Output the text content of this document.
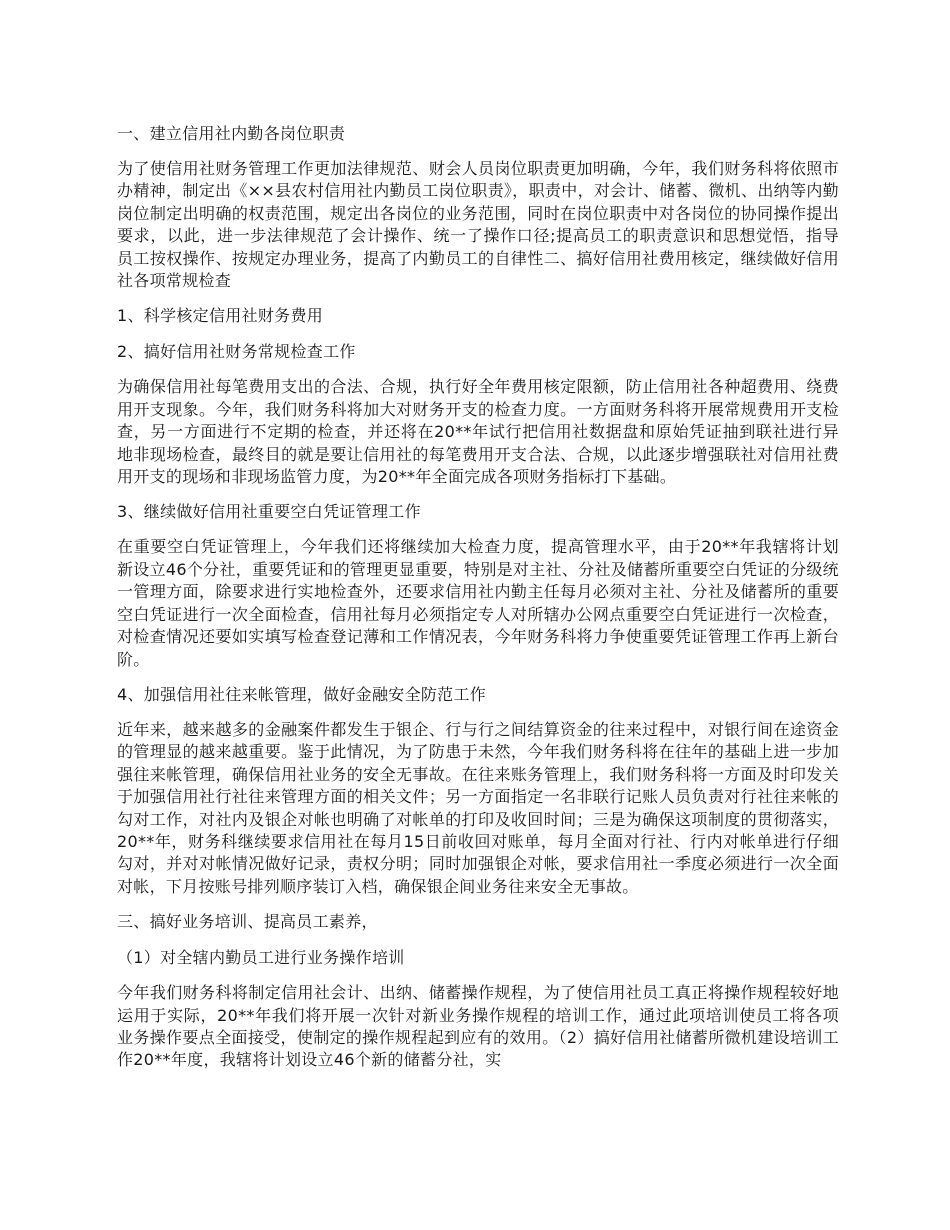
一、建立信用社内勤各岗位职责
为了使信用社财务管理工作更加法律规范、财会人员岗位职责更加明确，今年，我们财务科将依照市办精神，制定出《××县农村信用社内勤员工岗位职责》，职责中，对会计、储蓄、微机、出纳等内勤岗位制定出明确的权责范围，规定出各岗位的业务范围，同时在岗位职责中对各岗位的协同操作提出要求，以此，进一步法律规范了会计操作、统一了操作口径;提高员工的职责意识和思想觉悟，指导员工按权操作、按规定办理业务，提高了内勤员工的自律性二、搞好信用社费用核定，继续做好信用社各项常规检查
1、科学核定信用社财务费用
2、搞好信用社财务常规检查工作
为确保信用社每笔费用支出的合法、合规，执行好全年费用核定限额，防止信用社各种超费用、绕费用开支现象。今年，我们财务科将加大对财务开支的检查力度。一方面财务科将开展常规费用开支检查，另一方面进行不定期的检查，并还将在20**年试行把信用社数据盘和原始凭证抽到联社进行异地非现场检查，最终目的就是要让信用社的每笔费用开支合法、合规，以此逐步增强联社对信用社费用开支的现场和非现场监管力度，为20**年全面完成各项财务指标打下基础。
3、继续做好信用社重要空白凭证管理工作
在重要空白凭证管理上，今年我们还将继续加大检查力度，提高管理水平，由于20**年我辖将计划新设立46个分社，重要凭证和的管理更显重要，特别是对主社、分社及储蓄所重要空白凭证的分级统一管理方面，除要求进行实地检查外，还要求信用社内勤主任每月必须对主社、分社及储蓄所的重要空白凭证进行一次全面检查，信用社每月必须指定专人对所辖办公网点重要空白凭证进行一次检查，对检查情况还要如实填写检查登记薄和工作情况表，今年财务科将力争使重要凭证管理工作再上新台阶。
4、加强信用社往来帐管理，做好金融安全防范工作
近年来，越来越多的金融案件都发生于银企、行与行之间结算资金的往来过程中，对银行间在途资金的管理显的越来越重要。鉴于此情况，为了防患于未然，今年我们财务科将在往年的基础上进一步加强往来帐管理，确保信用社业务的安全无事故。在往来账务管理上，我们财务科将一方面及时印发关于加强信用社行社往来管理方面的相关文件；另一方面指定一名非联行记账人员负责对行社往来帐的勾对工作，对社内及银企对帐也明确了对帐单的打印及收回时间；三是为确保这项制度的贯彻落实，20**年，财务科继续要求信用社在每月15日前收回对账单，每月全面对行社、行内对帐单进行仔细勾对，并对对帐情况做好记录，责权分明；同时加强银企对帐，要求信用社一季度必须进行一次全面对帐，下月按账号排列顺序装订入档，确保银企间业务往来安全无事故。
三、搞好业务培训、提高员工素养，
（1）对全辖内勤员工进行业务操作培训
今年我们财务科将制定信用社会计、出纳、储蓄操作规程，为了使信用社员工真正将操作规程较好地运用于实际，20**年我们将开展一次针对新业务操作规程的培训工作，通过此项培训使员工将各项业务操作要点全面接受，使制定的操作规程起到应有的效用。（2）搞好信用社储蓄所微机建设培训工作20**年度，我辖将计划设立46个新的储蓄分社，实
